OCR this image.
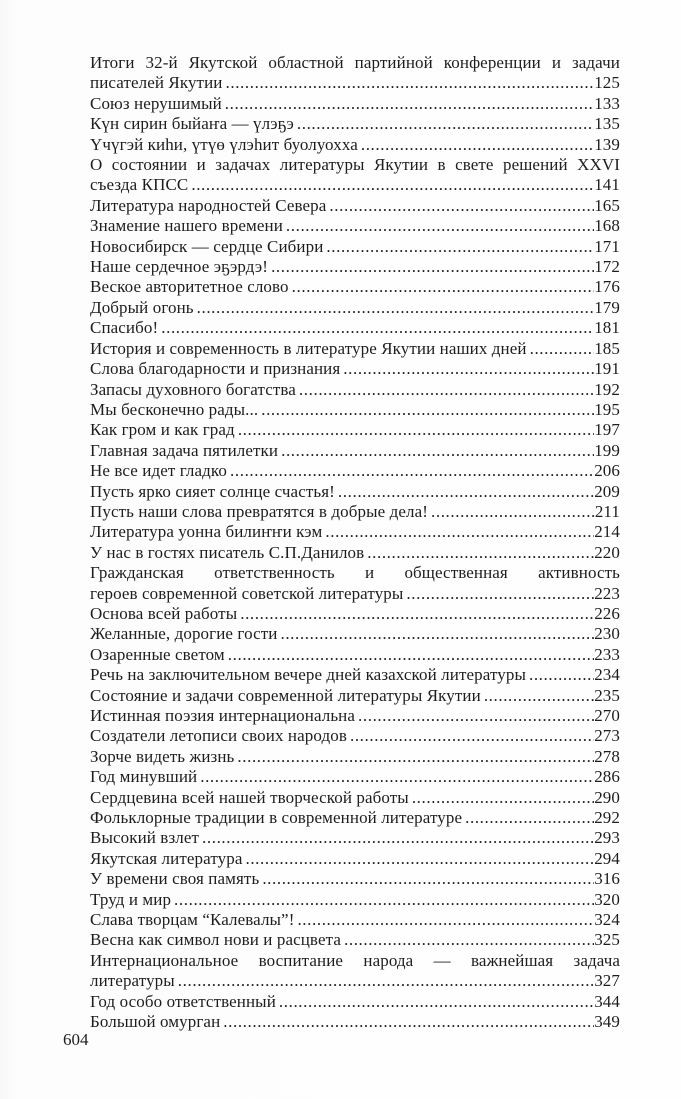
Итоги 32-й Якутской областной партийной конференции и задачи
писателей Якутии .....	125
Союз нерушимый .....	133
Күн сирин быйаҥа — үлэҕэ .....	135
Үчүгэй киһи, үтүө үлэһит буолуохха .....	139
О состоянии и задачах литературы Якутии в свете решений XXVI
съезда КПСС .....	141
Литература народностей Севера .....	165
Знамение нашего времени .....	168
Новосибирск — сердце Сибири .....	171
Наше сердечное эҕэрдэ! .....	172
Веское авторитетное слово .....	176
Добрый огонь .....	179
Спасибо! .....	181
История и современность в литературе Якутии наших дней .....	185
Слова благодарности и признания .....	191
Запасы духовного богатства .....	192
Мы бесконечно рады... .....	195
Как гром и как град .....	197
Главная задача пятилетки .....	199
Не все идет гладко .....	206
Пусть ярко сияет солнце счастья! .....	209
Пусть наши слова превратятся в добрые дела! .....	211
Литература уонна билиҥҥи кэм .....	214
У нас в гостях писатель С.П.Данилов .....	220
Гражданская ответственность и общественная активность
героев современной советской литературы .....	223
Основа всей работы .....	226
Желанные, дорогие гости .....	230
Озаренные светом .....	233
Речь на заключительном вечере дней казахской литературы .....	234
Состояние и задачи современной литературы Якутии .....	235
Истинная поэзия интернациональна .....	270
Создатели летописи своих народов .....	273
Зорче видеть жизнь .....	278
Год минувший .....	286
Сердцевина всей нашей творческой работы .....	290
Фольклорные традиции в современной литературе .....	292
Высокий взлет .....	293
Якутская литература .....	294
У времени своя память .....	316
Труд и мир .....	320
Слава творцам “Калевалы”! .....	324
Весна как символ нови и расцвета .....	325
Интернациональное воспитание народа — важнейшая задача
литературы .....	327
Год особо ответственный .....	344
Большой омурган .....	349
604
